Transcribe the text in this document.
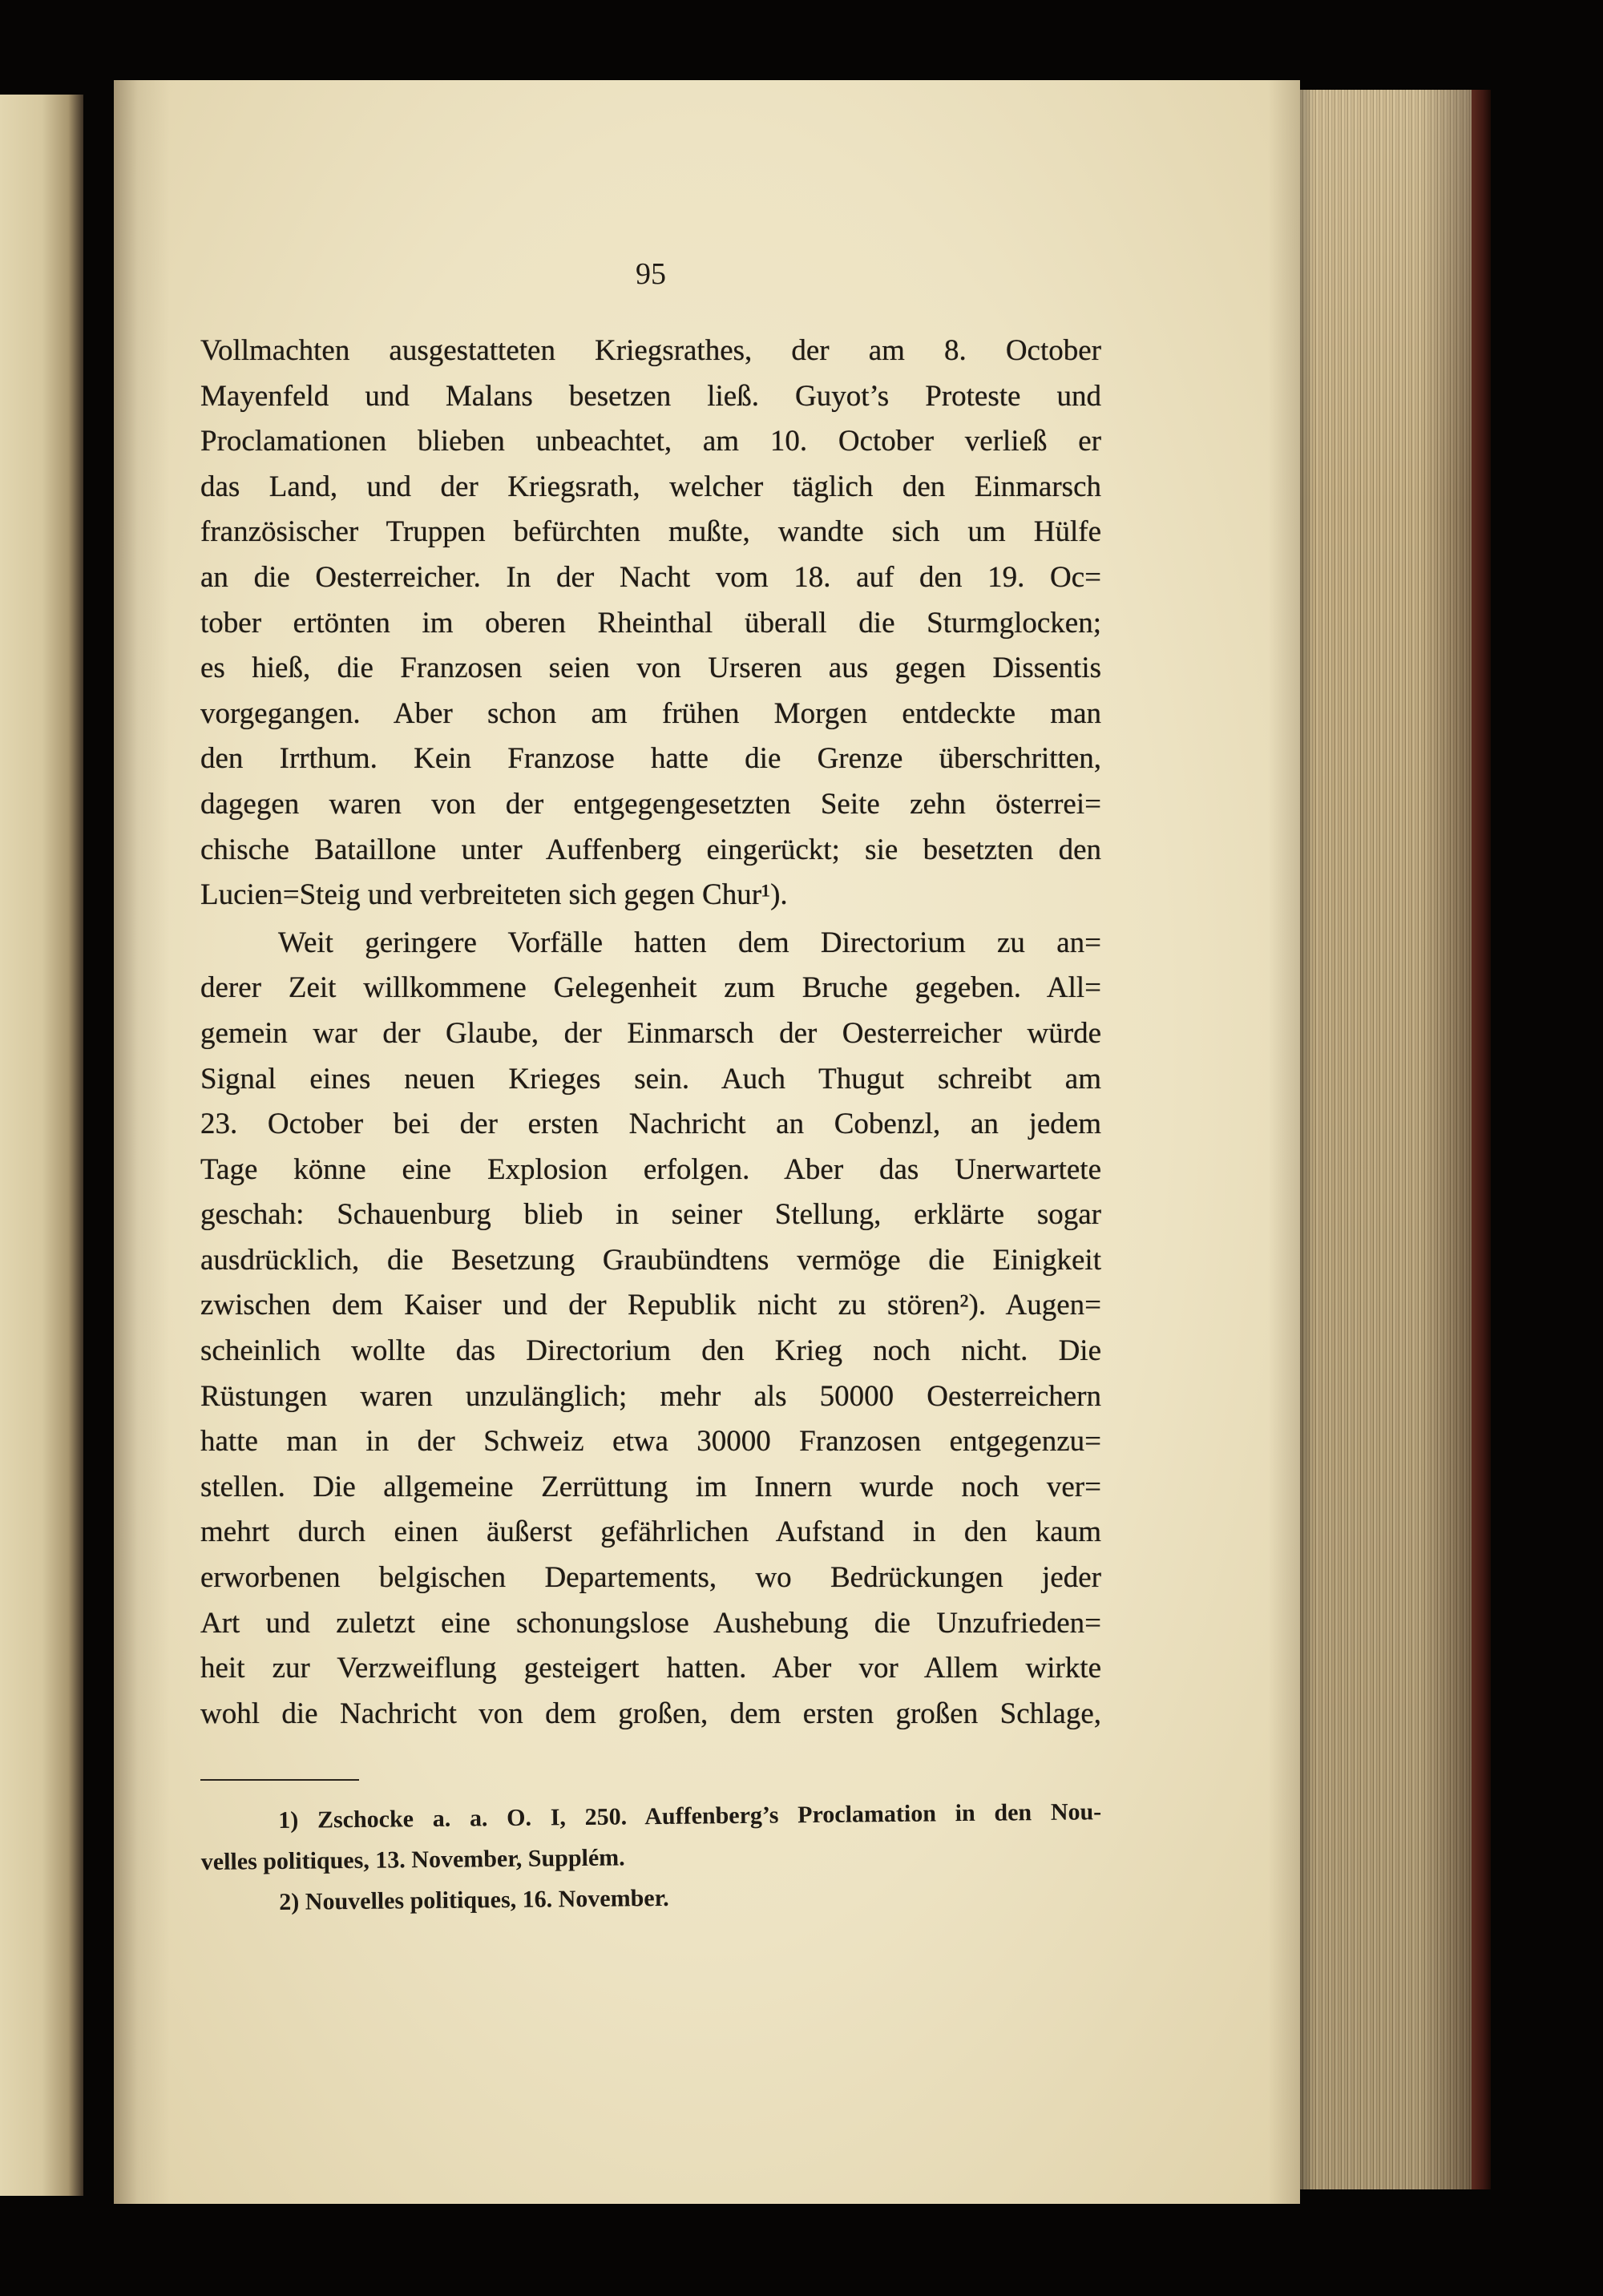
95
Vollmachten ausgestatteten Kriegsrathes, der am 8. October
Mayenfeld und Malans besetzen ließ. Guyot’s Proteste und
Proclamationen blieben unbeachtet, am 10. October verließ er
das Land, und der Kriegsrath, welcher täglich den Einmarsch
französischer Truppen befürchten mußte, wandte sich um Hülfe
an die Oesterreicher. In der Nacht vom 18. auf den 19. Oc=
tober ertönten im oberen Rheinthal überall die Sturmglocken;
es hieß, die Franzosen seien von Urseren aus gegen Dissentis
vorgegangen. Aber schon am frühen Morgen entdeckte man
den Irrthum. Kein Franzose hatte die Grenze überschritten,
dagegen waren von der entgegengesetzten Seite zehn österrei=
chische Bataillone unter Auffenberg eingerückt; sie besetzten den
Lucien=Steig und verbreiteten sich gegen Chur¹).
Weit geringere Vorfälle hatten dem Directorium zu an=
derer Zeit willkommene Gelegenheit zum Bruche gegeben. All=
gemein war der Glaube, der Einmarsch der Oesterreicher würde
Signal eines neuen Krieges sein. Auch Thugut schreibt am
23. October bei der ersten Nachricht an Cobenzl, an jedem
Tage könne eine Explosion erfolgen. Aber das Unerwartete
geschah: Schauenburg blieb in seiner Stellung, erklärte sogar
ausdrücklich, die Besetzung Graubündtens vermöge die Einigkeit
zwischen dem Kaiser und der Republik nicht zu stören²). Augen=
scheinlich wollte das Directorium den Krieg noch nicht. Die
Rüstungen waren unzulänglich; mehr als 50000 Oesterreichern
hatte man in der Schweiz etwa 30000 Franzosen entgegenzu=
stellen. Die allgemeine Zerrüttung im Innern wurde noch ver=
mehrt durch einen äußerst gefährlichen Aufstand in den kaum
erworbenen belgischen Departements, wo Bedrückungen jeder
Art und zuletzt eine schonungslose Aushebung die Unzufrieden=
heit zur Verzweiflung gesteigert hatten. Aber vor Allem wirkte
wohl die Nachricht von dem großen, dem ersten großen Schlage,
1) Zschocke a. a. O. I, 250. Auffenberg’s Proclamation in den Nou-
velles politiques, 13. November, Supplém.
2) Nouvelles politiques, 16. November.
